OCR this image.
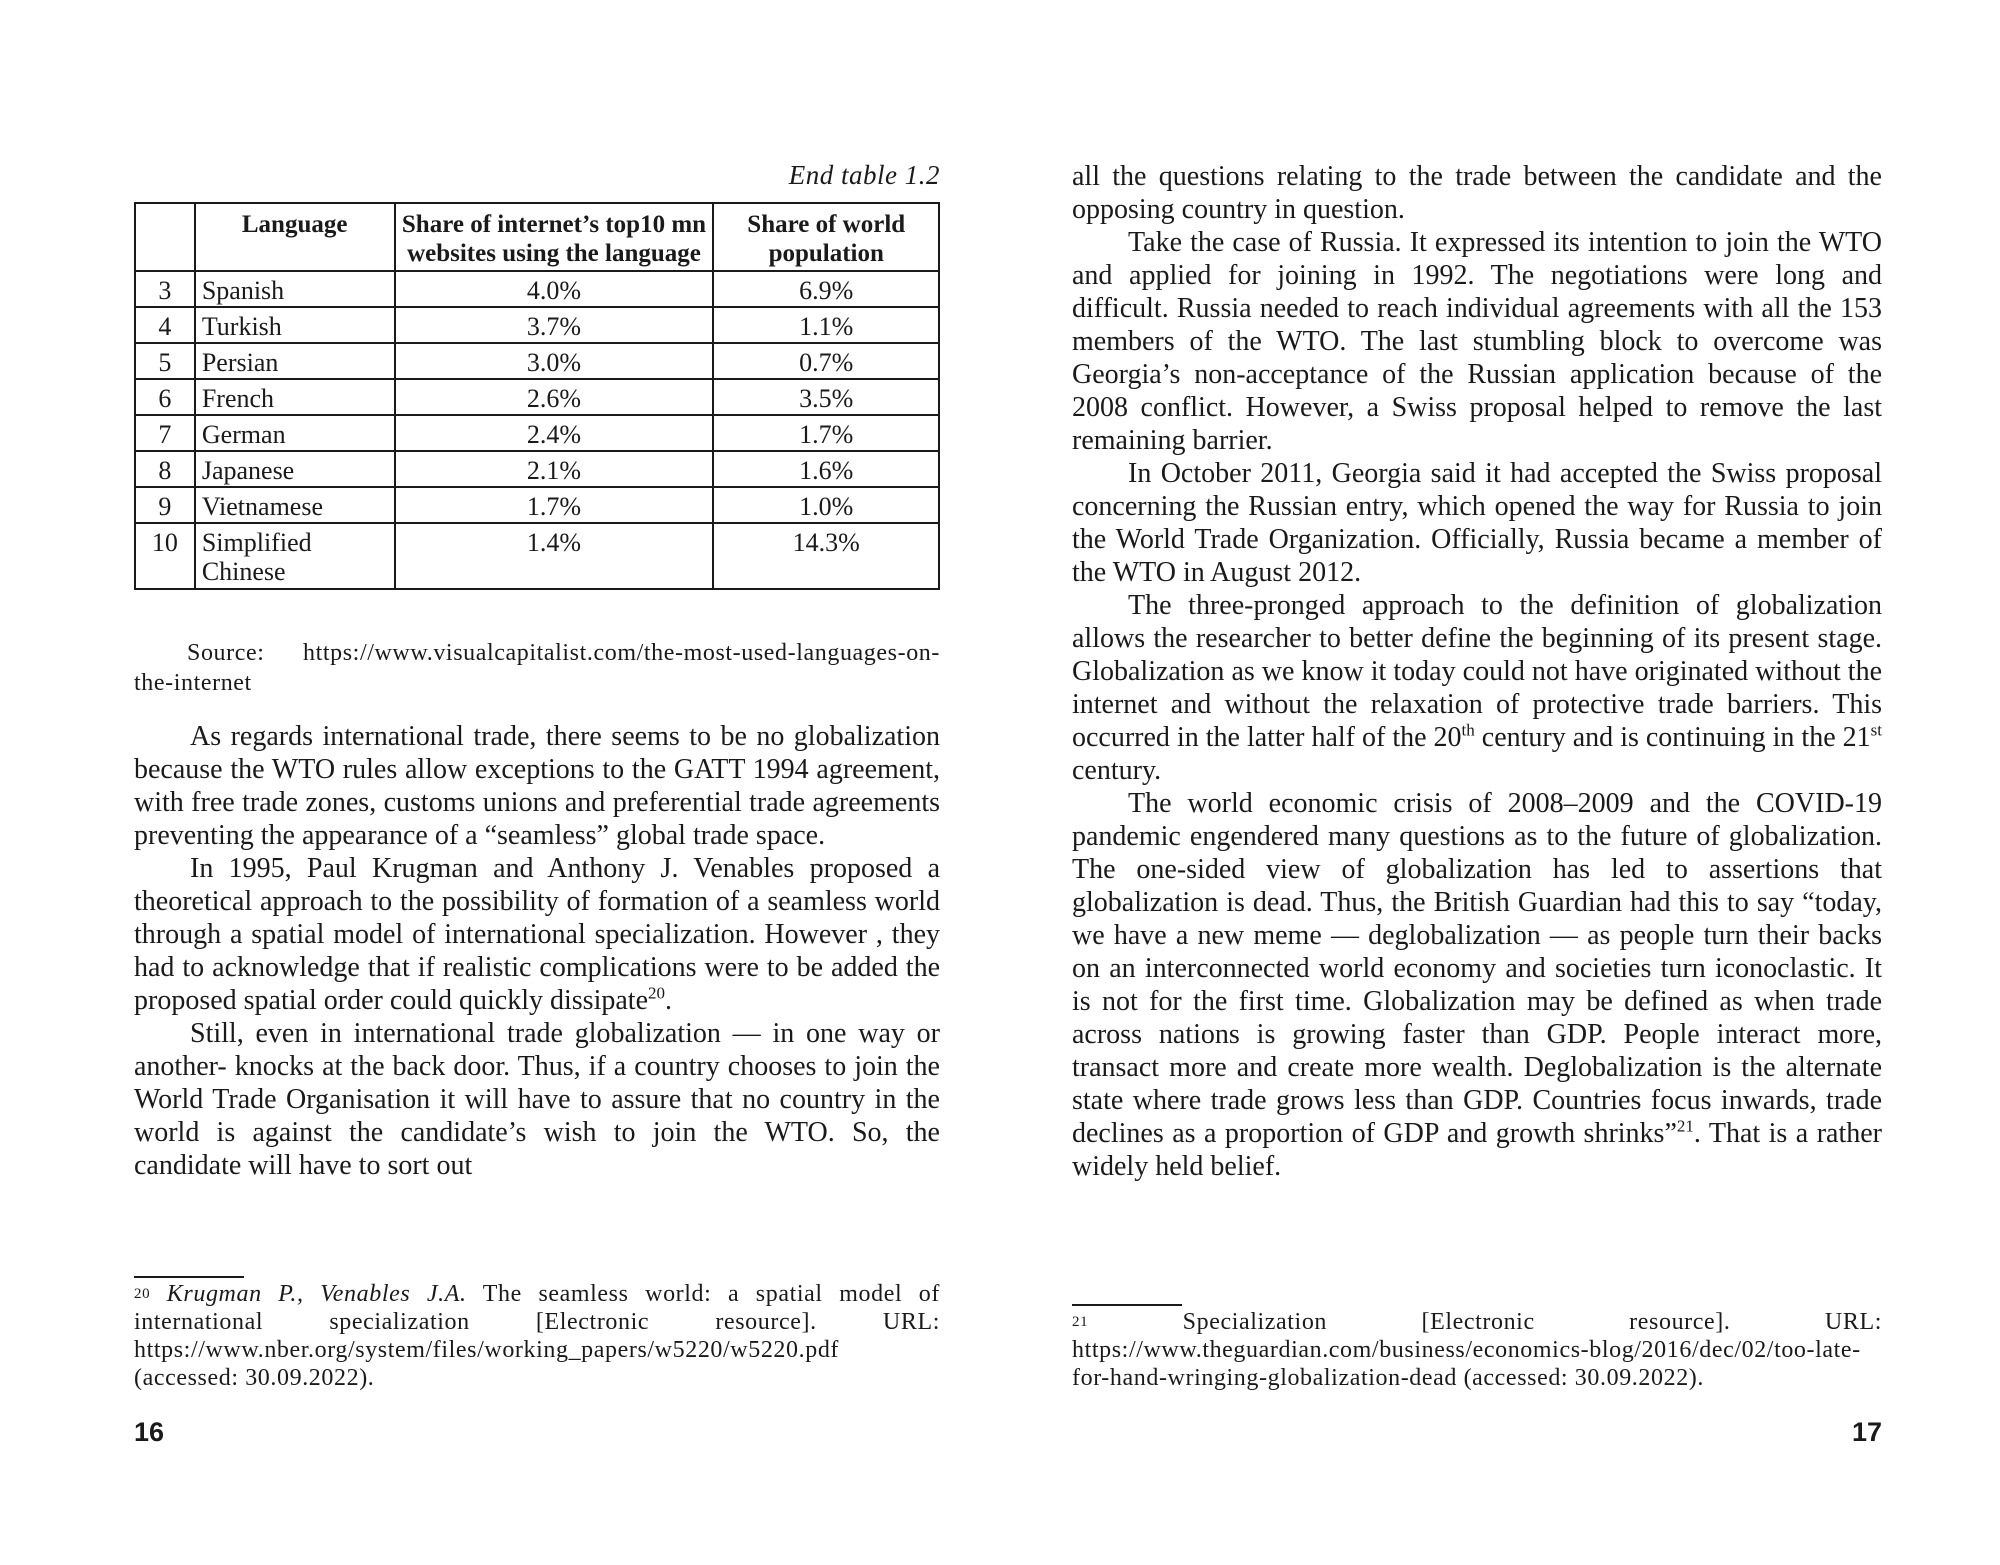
End table 1.2
	Language	Share of internet’s top10 mn websites using the language	Share of world population
3	Spanish	4.0%	6.9%
4	Turkish	3.7%	1.1%
5	Persian	3.0%	0.7%
6	French	2.6%	3.5%
7	German	2.4%	1.7%
8	Japanese	2.1%	1.6%
9	Vietnamese	1.7%	1.0%
10	Simplified Chinese	1.4%	14.3%
Source: https://www.visualcapitalist.com/the-most-used-languages-on-the-internet

As regards international trade, there seems to be no globalization because the WTO rules allow exceptions to the GATT 1994 agreement, with free trade zones, customs unions and preferential trade agreements preventing the appearance of a “seamless” global trade space.

In 1995, Paul Krugman and Anthony J. Venables proposed a theoretical approach to the possibility of formation of a seamless world through a spatial model of international specialization. However , they had to acknowledge that if realistic complications were to be added the proposed spatial order could quickly dissipate$^{20}$.

Still, even in international trade globalization — in one way or another- knocks at the back door. Thus, if a country chooses to join the World Trade Organisation it will have to assure that no country in the world is against the candidate’s wish to join the WTO. So, the candidate will have to sort out

$^{20}$ Krugman P., Venables J.A. The seamless world: a spatial model of international specialization [Electronic resource]. URL: https://www.nber.org/system/files/working_papers/w5220/w5220.pdf (accessed: 30.09.2022).
16

all the questions relating to the trade between the candidate and the opposing country in question.

Take the case of Russia. It expressed its intention to join the WTO and applied for joining in 1992. The negotiations were long and difficult. Russia needed to reach individual agreements with all the 153 members of the WTO. The last stumbling block to overcome was Georgia’s non-acceptance of the Russian application because of the 2008 conflict. However, a Swiss proposal helped to remove the last remaining barrier.

In October 2011, Georgia said it had accepted the Swiss proposal concerning the Russian entry, which opened the way for Russia to join the World Trade Organization. Officially, Russia became a member of the WTO in August 2012.

The three-pronged approach to the definition of globalization allows the researcher to better define the beginning of its present stage. Globalization as we know it today could not have originated without the internet and without the relaxation of protective trade barriers. This occurred in the latter half of the 20th century and is continuing in the 21st century.

The world economic crisis of 2008–2009 and the COVID-19 pandemic engendered many questions as to the future of globalization. The one-sided view of globalization has led to assertions that globalization is dead. Thus, the British Guardian had this to say “today, we have a new meme — deglobalization — as people turn their backs on an interconnected world economy and societies turn iconoclastic. It is not for the first time. Globalization may be defined as when trade across nations is growing faster than GDP. People interact more, transact more and create more wealth. Deglobalization is the alternate state where trade grows less than GDP. Countries focus inwards, trade declines as a proportion of GDP and growth shrinks”$^{21}$. That is a rather widely held belief.

$^{21}$ Specialization [Electronic resource]. URL: https://www.theguardian.com/business/economics-blog/2016/dec/02/too-late-for-hand-wringing-globalization-dead (accessed: 30.09.2022).
17
